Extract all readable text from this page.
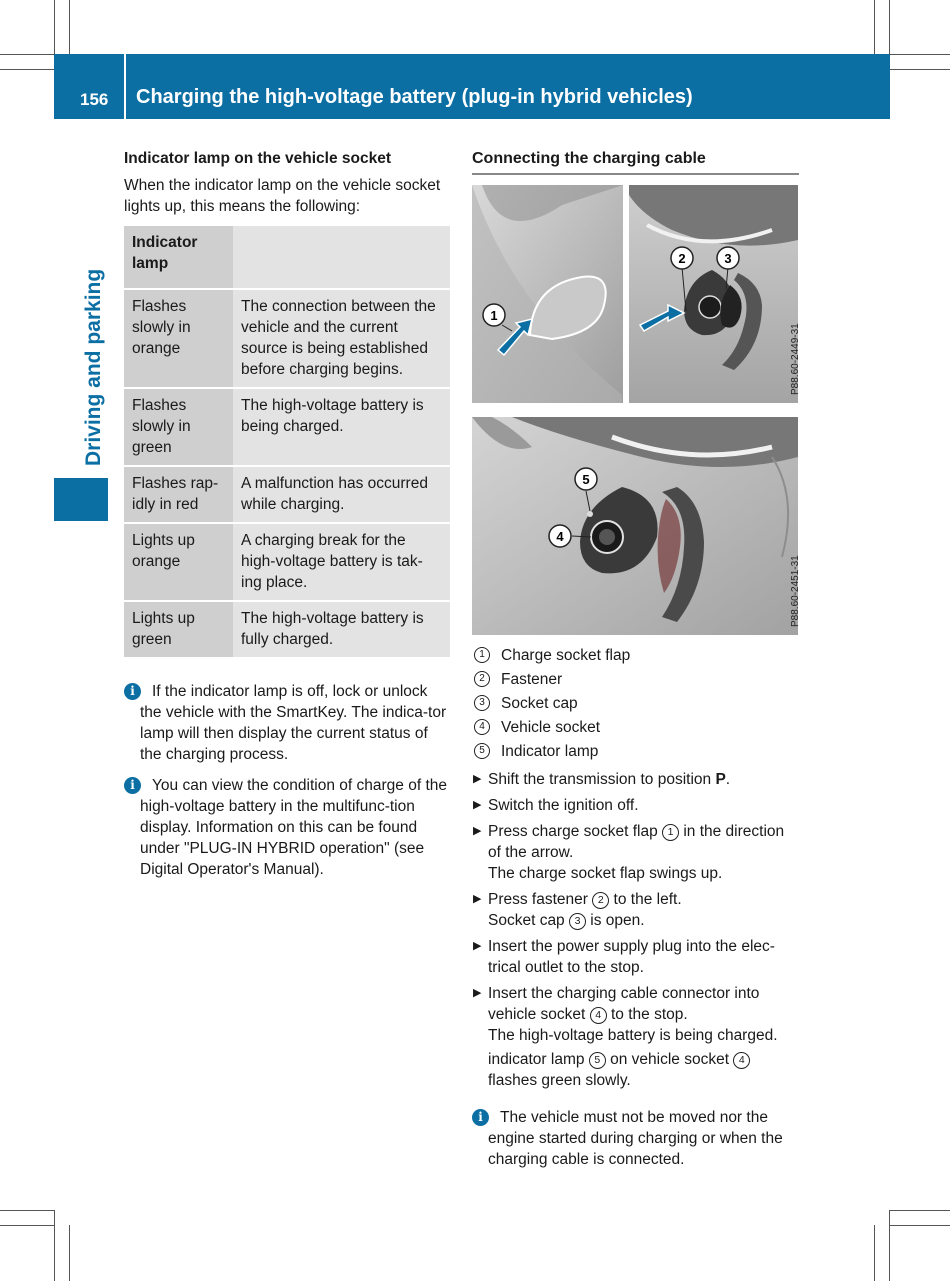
156 Charging the high-voltage battery (plug-in hybrid vehicles)
Driving and parking
Indicator lamp on the vehicle socket
When the indicator lamp on the vehicle socket lights up, this means the following:
Indicator lamp	
Flashes slowly in orange	The connection between the vehicle and the current source is being established before charging begins.
Flashes slowly in green	The high-voltage battery is being charged.
Flashes rap-idly in red	A malfunction has occurred while charging.
Lights up orange	A charging break for the high-voltage battery is tak-ing place.
Lights up green	The high-voltage battery is fully charged.
i	If the indicator lamp is off, lock or unlock the vehicle with the SmartKey. The indica-tor lamp will then display the current status of the charging process.
i	You can view the condition of charge of the high-voltage battery in the multifunc-tion display. Information on this can be found under "PLUG-IN HYBRID operation" (see Digital Operator's Manual).
Connecting the charging cable
1
2	3
P88.60-2449-31
5
4
P88.60-2451-31
1	Charge socket flap
2	Fastener
3	Socket cap
4	Vehicle socket
5	Indicator lamp
▶ Shift the transmission to position P.
▶ Switch the ignition off.
▶ Press charge socket flap 1 in the direction of the arrow.
The charge socket flap swings up.
▶ Press fastener 2 to the left.
Socket cap 3 is open.
▶ Insert the power supply plug into the elec-trical outlet to the stop.
▶ Insert the charging cable connector into vehicle socket 4 to the stop.
The high-voltage battery is being charged.
indicator lamp 5 on vehicle socket 4 flashes green slowly.
i	The vehicle must not be moved nor the engine started during charging or when the charging cable is connected.
